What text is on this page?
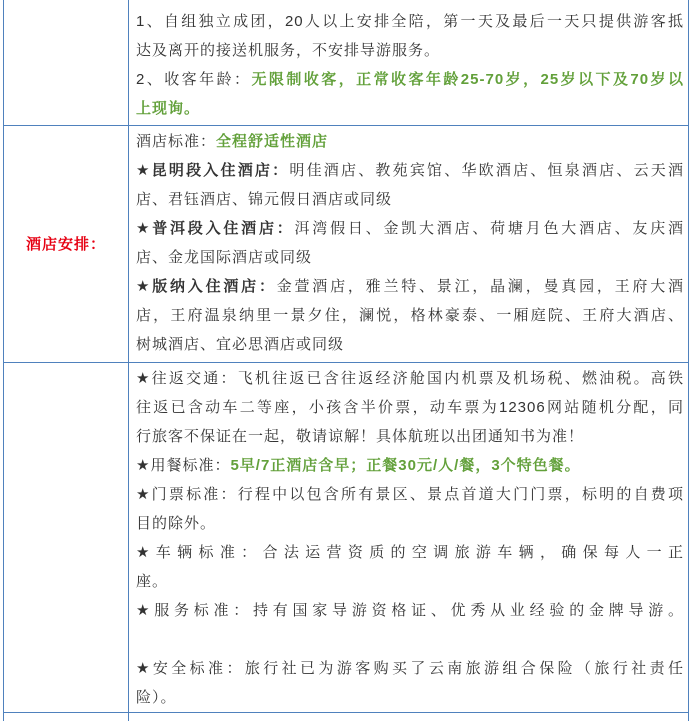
1、自组独立成团，20人以上安排全陪，第一天及最后一天只提供游客抵
达及离开的接送机服务，不安排导游服务。
2、收客年龄：无限制收客，正常收客年龄25-70岁，25岁以下及70岁以
上现询。
酒店安排：
酒店标准：全程舒适性酒店
★昆明段入住酒店：明佳酒店、教苑宾馆、华欧酒店、恒泉酒店、云天酒
店、君钰酒店、锦元假日酒店或同级
★普洱段入住酒店：洱湾假日、金凯大酒店、荷塘月色大酒店、友庆酒
店、金龙国际酒店或同级
★版纳入住酒店：金萱酒店，雅兰特、景江，晶澜，曼真园，王府大酒
店，王府温泉纳里一景夕住，澜悦，格林豪泰、一厢庭院、王府大酒店、
树城酒店、宜必思酒店或同级
★往返交通：飞机往返已含往返经济舱国内机票及机场税、燃油税。高铁
往返已含动车二等座，小孩含半价票，动车票为12306网站随机分配，同
行旅客不保证在一起，敬请谅解！具体航班以出团通知书为准！
★用餐标准：5早/7正酒店含早；正餐30元/人/餐，3个特色餐。
★门票标准：行程中以包含所有景区、景点首道大门门票，标明的自费项
目的除外。
★车辆标准：合法运营资质的空调旅游车辆，确保每人一正
座。
★服务标准：持有国家导游资格证、优秀从业经验的金牌导游。
★安全标准：旅行社已为游客购买了云南旅游组合保险（旅行社责任
险）。
